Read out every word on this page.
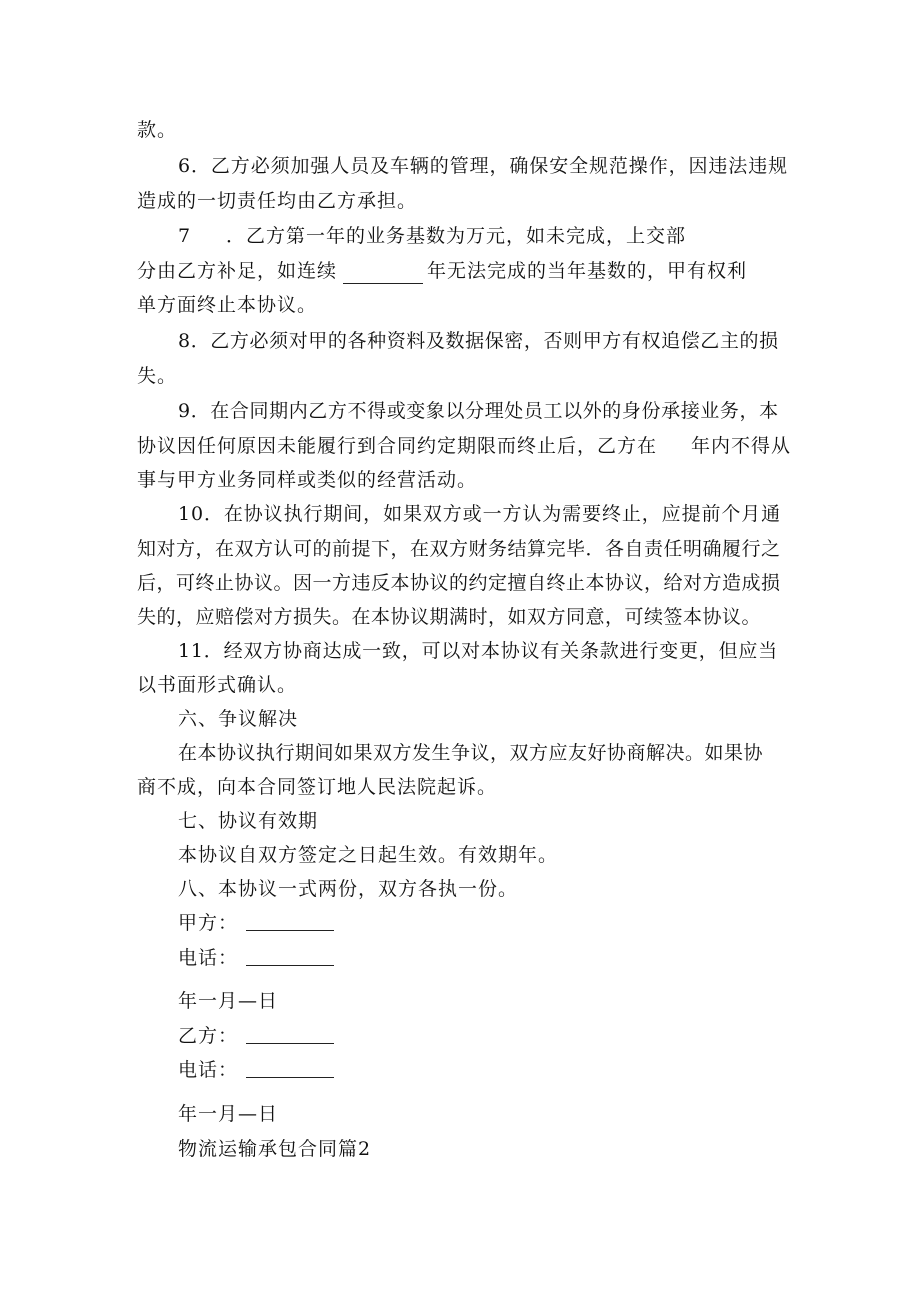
款。

6．乙方必须加强人员及车辆的管理，确保安全规范操作，因违法违规

造成的一切责任均由乙方承担。

7 ．乙方第一年的业务基数为万元，如未完成，上交部

分由乙方补足，如连续	年无法完成的当年基数的，甲有权利

单方面终止本协议。

8．乙方必须对甲的各种资料及数据保密，否则甲方有权追偿乙主的损

失。

9．在合同期内乙方不得或变象以分理处员工以外的身份承接业务，本

协议因任何原因未能履行到合同约定期限而终止后，乙方在 年内不得从

事与甲方业务同样或类似的经营活动。

10．在协议执行期间，如果双方或一方认为需要终止，应提前个月通

知对方，在双方认可的前提下，在双方财务结算完毕．各自责任明确履行之

后，可终止协议。因一方违反本协议的约定擅自终止本协议，给对方造成损

失的，应赔偿对方损失。在本协议期满时，如双方同意，可续签本协议。

11．经双方协商达成一致，可以对本协议有关条款进行变更，但应当

以书面形式确认。

六、争议解决

在本协议执行期间如果双方发生争议，双方应友好协商解决。如果协

商不成，向本合同签订地人民法院起诉。

七、协议有效期

本协议自双方签定之日起生效。有效期年。

八、本协议一式两份，双方各执一份。

甲方：

电话：

年一月—日

乙方：

电话：

年一月—日

物流运输承包合同篇2
